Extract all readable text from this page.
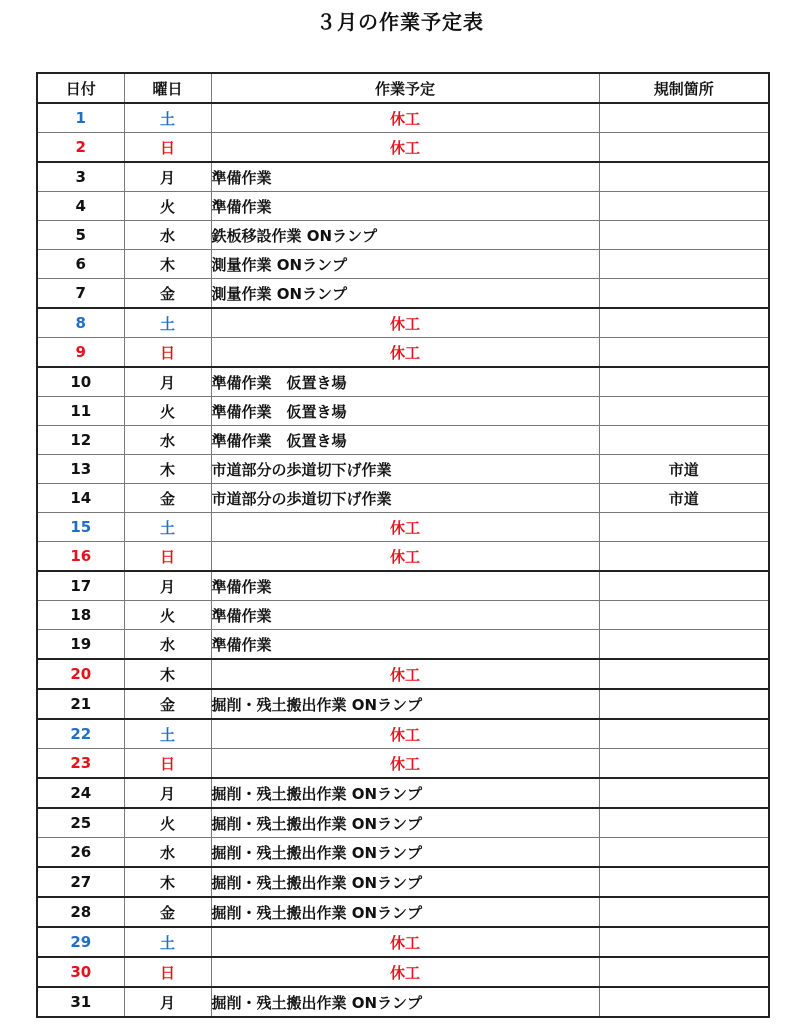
３月の作業予定表
日付	曜日	作業予定	規制箇所
1	土	休工	
2	日	休工	
3	月	準備作業	
4	火	準備作業	
5	水	鉄板移設作業 ONランプ	
6	木	測量作業 ONランプ	
7	金	測量作業 ONランプ	
8	土	休工	
9	日	休工	
10	月	準備作業　仮置き場	
11	火	準備作業　仮置き場	
12	水	準備作業　仮置き場	
13	木	市道部分の歩道切下げ作業	市道
14	金	市道部分の歩道切下げ作業	市道
15	土	休工	
16	日	休工	
17	月	準備作業	
18	火	準備作業	
19	水	準備作業	
20	木	休工	
21	金	掘削・残土搬出作業 ONランプ	
22	土	休工	
23	日	休工	
24	月	掘削・残土搬出作業 ONランプ	
25	火	掘削・残土搬出作業 ONランプ	
26	水	掘削・残土搬出作業 ONランプ	
27	木	掘削・残土搬出作業 ONランプ	
28	金	掘削・残土搬出作業 ONランプ	
29	土	休工	
30	日	休工	
31	月	掘削・残土搬出作業 ONランプ	
